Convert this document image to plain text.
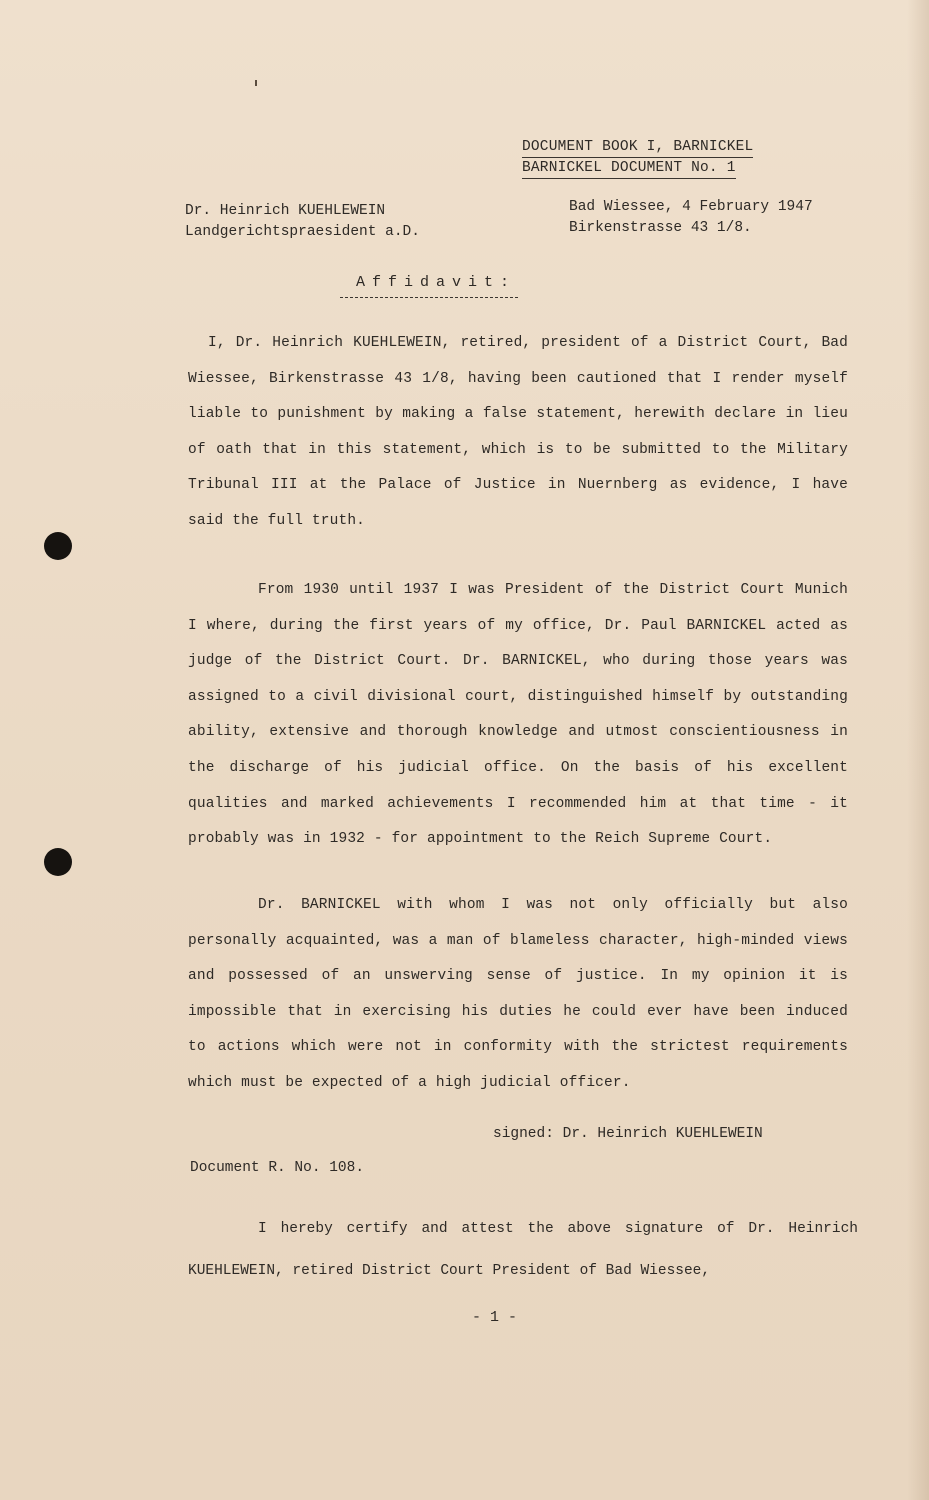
DOCUMENT BOOK I, BARNICKEL
BARNICKEL DOCUMENT No. 1
Dr. Heinrich KUEHLEWEIN
Landgerichtspraesident a.D.
Bad Wiessee, 4 February 1947
Birkenstrasse 43 1/8.
Affidavit:
I, Dr. Heinrich KUEHLEWEIN, retired, president of a District Court, Bad Wiessee, Birkenstrasse 43 1/8, having been cautioned that I render myself liable to punishment by making a false statement, herewith declare in lieu of oath that in this statement, which is to be submitted to the Military Tribunal III at the Palace of Justice in Nuernberg as evidence, I have said the full truth.
From 1930 until 1937 I was President of the District Court Munich I where, during the first years of my office, Dr. Paul BARNICKEL acted as judge of the District Court. Dr. BARNICKEL, who during those years was assigned to a civil divisional court, distinguished himself by outstanding ability, extensive and thorough knowledge and utmost conscientiousness in the discharge of his judicial office. On the basis of his excellent qualities and marked achievements I recommended him at that time - it probably was in 1932 - for appointment to the Reich Supreme Court.
Dr. BARNICKEL with whom I was not only officially but also personally acquainted, was a man of blameless character, high-minded views and possessed of an unswerving sense of justice. In my opinion it is impossible that in exercising his duties he could ever have been induced to actions which were not in conformity with the strictest requirements which must be expected of a high judicial officer.
signed: Dr. Heinrich KUEHLEWEIN
Document R. No. 108.
I hereby certify and attest the above signature of Dr. Heinrich KUEHLEWEIN, retired District Court President of Bad Wiessee,
- 1 -
